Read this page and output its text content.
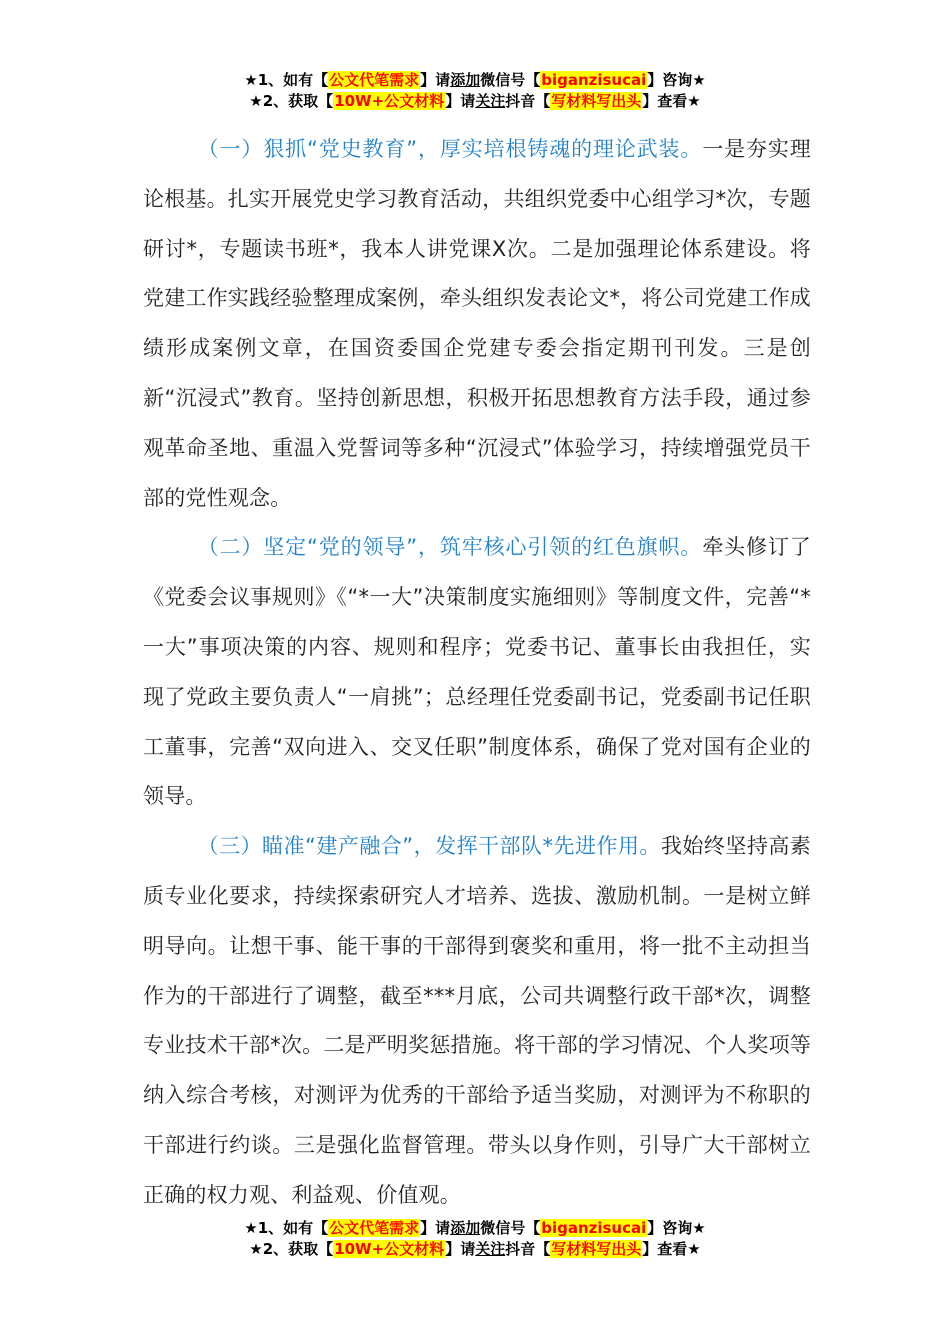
★1、如有【公文代笔需求】请添加微信号【biganzisucai】咨询★
★2、获取【10W+公文材料】请关注抖音【写材料写出头】查看★

（一）狠抓“党史教育”，厚实培根铸魂的理论武装。一是夯实理论根基。扎实开展党史学习教育活动，共组织党委中心组学习*次，专题研讨*，专题读书班*，我本人讲党课X次。二是加强理论体系建设。将党建工作实践经验整理成案例，牵头组织发表论文*，将公司党建工作成绩形成案例文章，在国资委国企党建专委会指定期刊刊发。三是创新“沉浸式”教育。坚持创新思想，积极开拓思想教育方法手段，通过参观革命圣地、重温入党誓词等多种“沉浸式”体验学习，持续增强党员干部的党性观念。

（二）坚定“党的领导”，筑牢核心引领的红色旗帜。牵头修订了《党委会议事规则》《“*一大”决策制度实施细则》等制度文件，完善“*一大”事项决策的内容、规则和程序；党委书记、董事长由我担任，实现了党政主要负责人“一肩挑”；总经理任党委副书记，党委副书记任职工董事，完善“双向进入、交叉任职”制度体系，确保了党对国有企业的领导。

（三）瞄准“建产融合”，发挥干部队*先进作用。我始终坚持高素质专业化要求，持续探索研究人才培养、选拔、激励机制。一是树立鲜明导向。让想干事、能干事的干部得到褒奖和重用，将一批不主动担当作为的干部进行了调整，截至***月底，公司共调整行政干部*次，调整专业技术干部*次。二是严明奖惩措施。将干部的学习情况、个人奖项等纳入综合考核，对测评为优秀的干部给予适当奖励，对测评为不称职的干部进行约谈。三是强化监督管理。带头以身作则，引导广大干部树立正确的权力观、利益观、价值观。

★1、如有【公文代笔需求】请添加微信号【biganzisucai】咨询★
★2、获取【10W+公文材料】请关注抖音【写材料写出头】查看★
